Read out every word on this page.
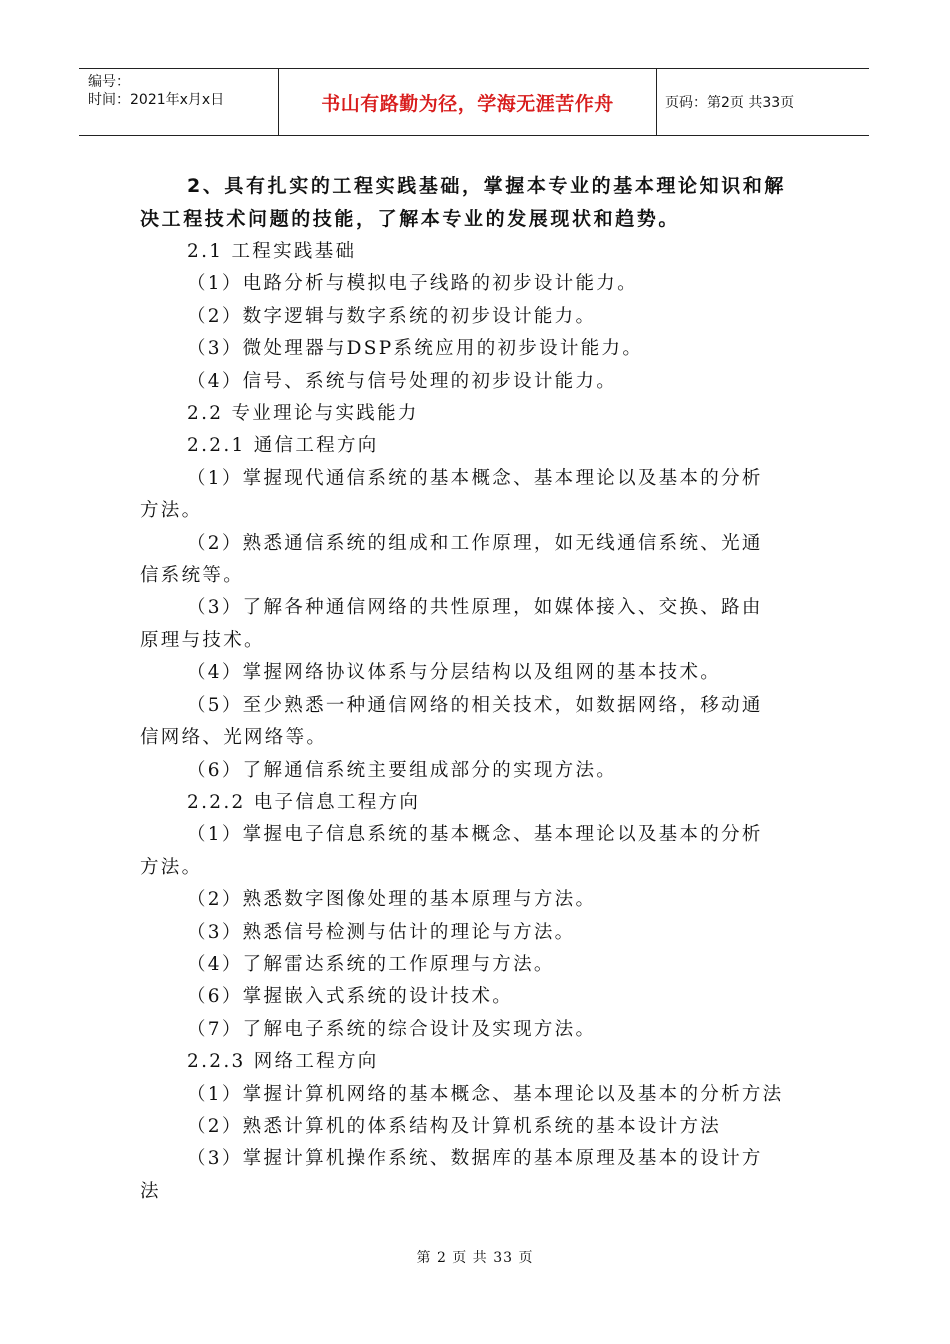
编号：
时间：2021年x月x日	书山有路勤为径，学海无涯苦作舟	页码：第2页 共33页
2、具有扎实的工程实践基础，掌握本专业的基本理论知识和解
决工程技术问题的技能，了解本专业的发展现状和趋势。
2.1 工程实践基础
（1）电路分析与模拟电子线路的初步设计能力。
（2）数字逻辑与数字系统的初步设计能力。
（3）微处理器与DSP系统应用的初步设计能力。
（4）信号、系统与信号处理的初步设计能力。
2.2 专业理论与实践能力
2.2.1 通信工程方向
（1）掌握现代通信系统的基本概念、基本理论以及基本的分析
方法。
（2）熟悉通信系统的组成和工作原理，如无线通信系统、光通
信系统等。
（3）了解各种通信网络的共性原理，如媒体接入、交换、路由
原理与技术。
（4）掌握网络协议体系与分层结构以及组网的基本技术。
（5）至少熟悉一种通信网络的相关技术，如数据网络，移动通
信网络、光网络等。
（6）了解通信系统主要组成部分的实现方法。
2.2.2 电子信息工程方向
（1）掌握电子信息系统的基本概念、基本理论以及基本的分析
方法。
（2）熟悉数字图像处理的基本原理与方法。
（3）熟悉信号检测与估计的理论与方法。
（4）了解雷达系统的工作原理与方法。
（6）掌握嵌入式系统的设计技术。
（7）了解电子系统的综合设计及实现方法。
2.2.3 网络工程方向
（1）掌握计算机网络的基本概念、基本理论以及基本的分析方法
（2）熟悉计算机的体系结构及计算机系统的基本设计方法
（3）掌握计算机操作系统、数据库的基本原理及基本的设计方
法
第 2 页 共 33 页
